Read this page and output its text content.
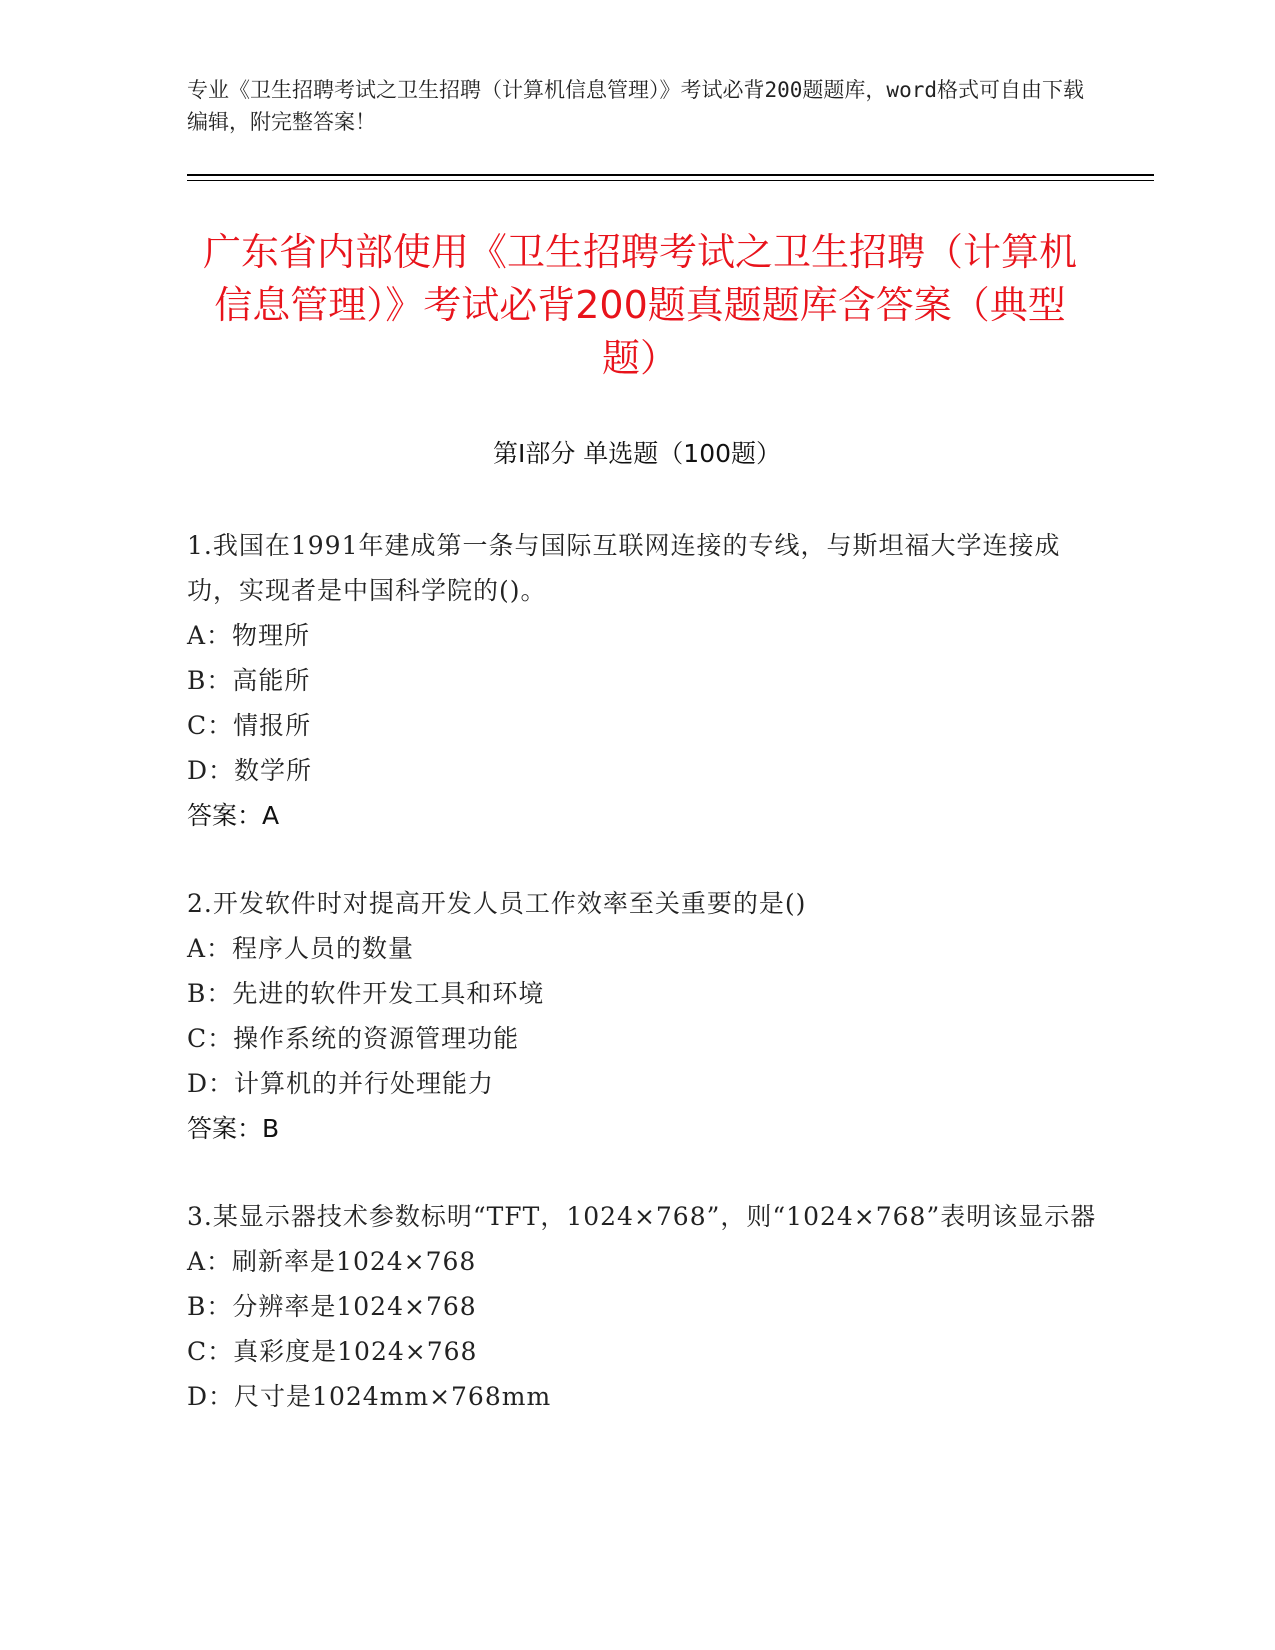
专业《卫生招聘考试之卫生招聘（计算机信息管理）》考试必背200题题库，word格式可自由下载编辑，附完整答案！
广东省内部使用《卫生招聘考试之卫生招聘（计算机信息管理）》考试必背200题真题题库含答案（典型题）
第Ⅰ部分 单选题（100题）
1.我国在1991年建成第一条与国际互联网连接的专线，与斯坦福大学连接成功，实现者是中国科学院的()。
A：物理所
B：高能所
C：情报所
D：数学所
答案：A
2.开发软件时对提高开发人员工作效率至关重要的是()
A：程序人员的数量
B：先进的软件开发工具和环境
C：操作系统的资源管理功能
D：计算机的并行处理能力
答案：B
3.某显示器技术参数标明“TFT，1024×768”，则“1024×768”表明该显示器
A：刷新率是1024×768
B：分辨率是1024×768
C：真彩度是1024×768
D：尺寸是1024mm×768mm
